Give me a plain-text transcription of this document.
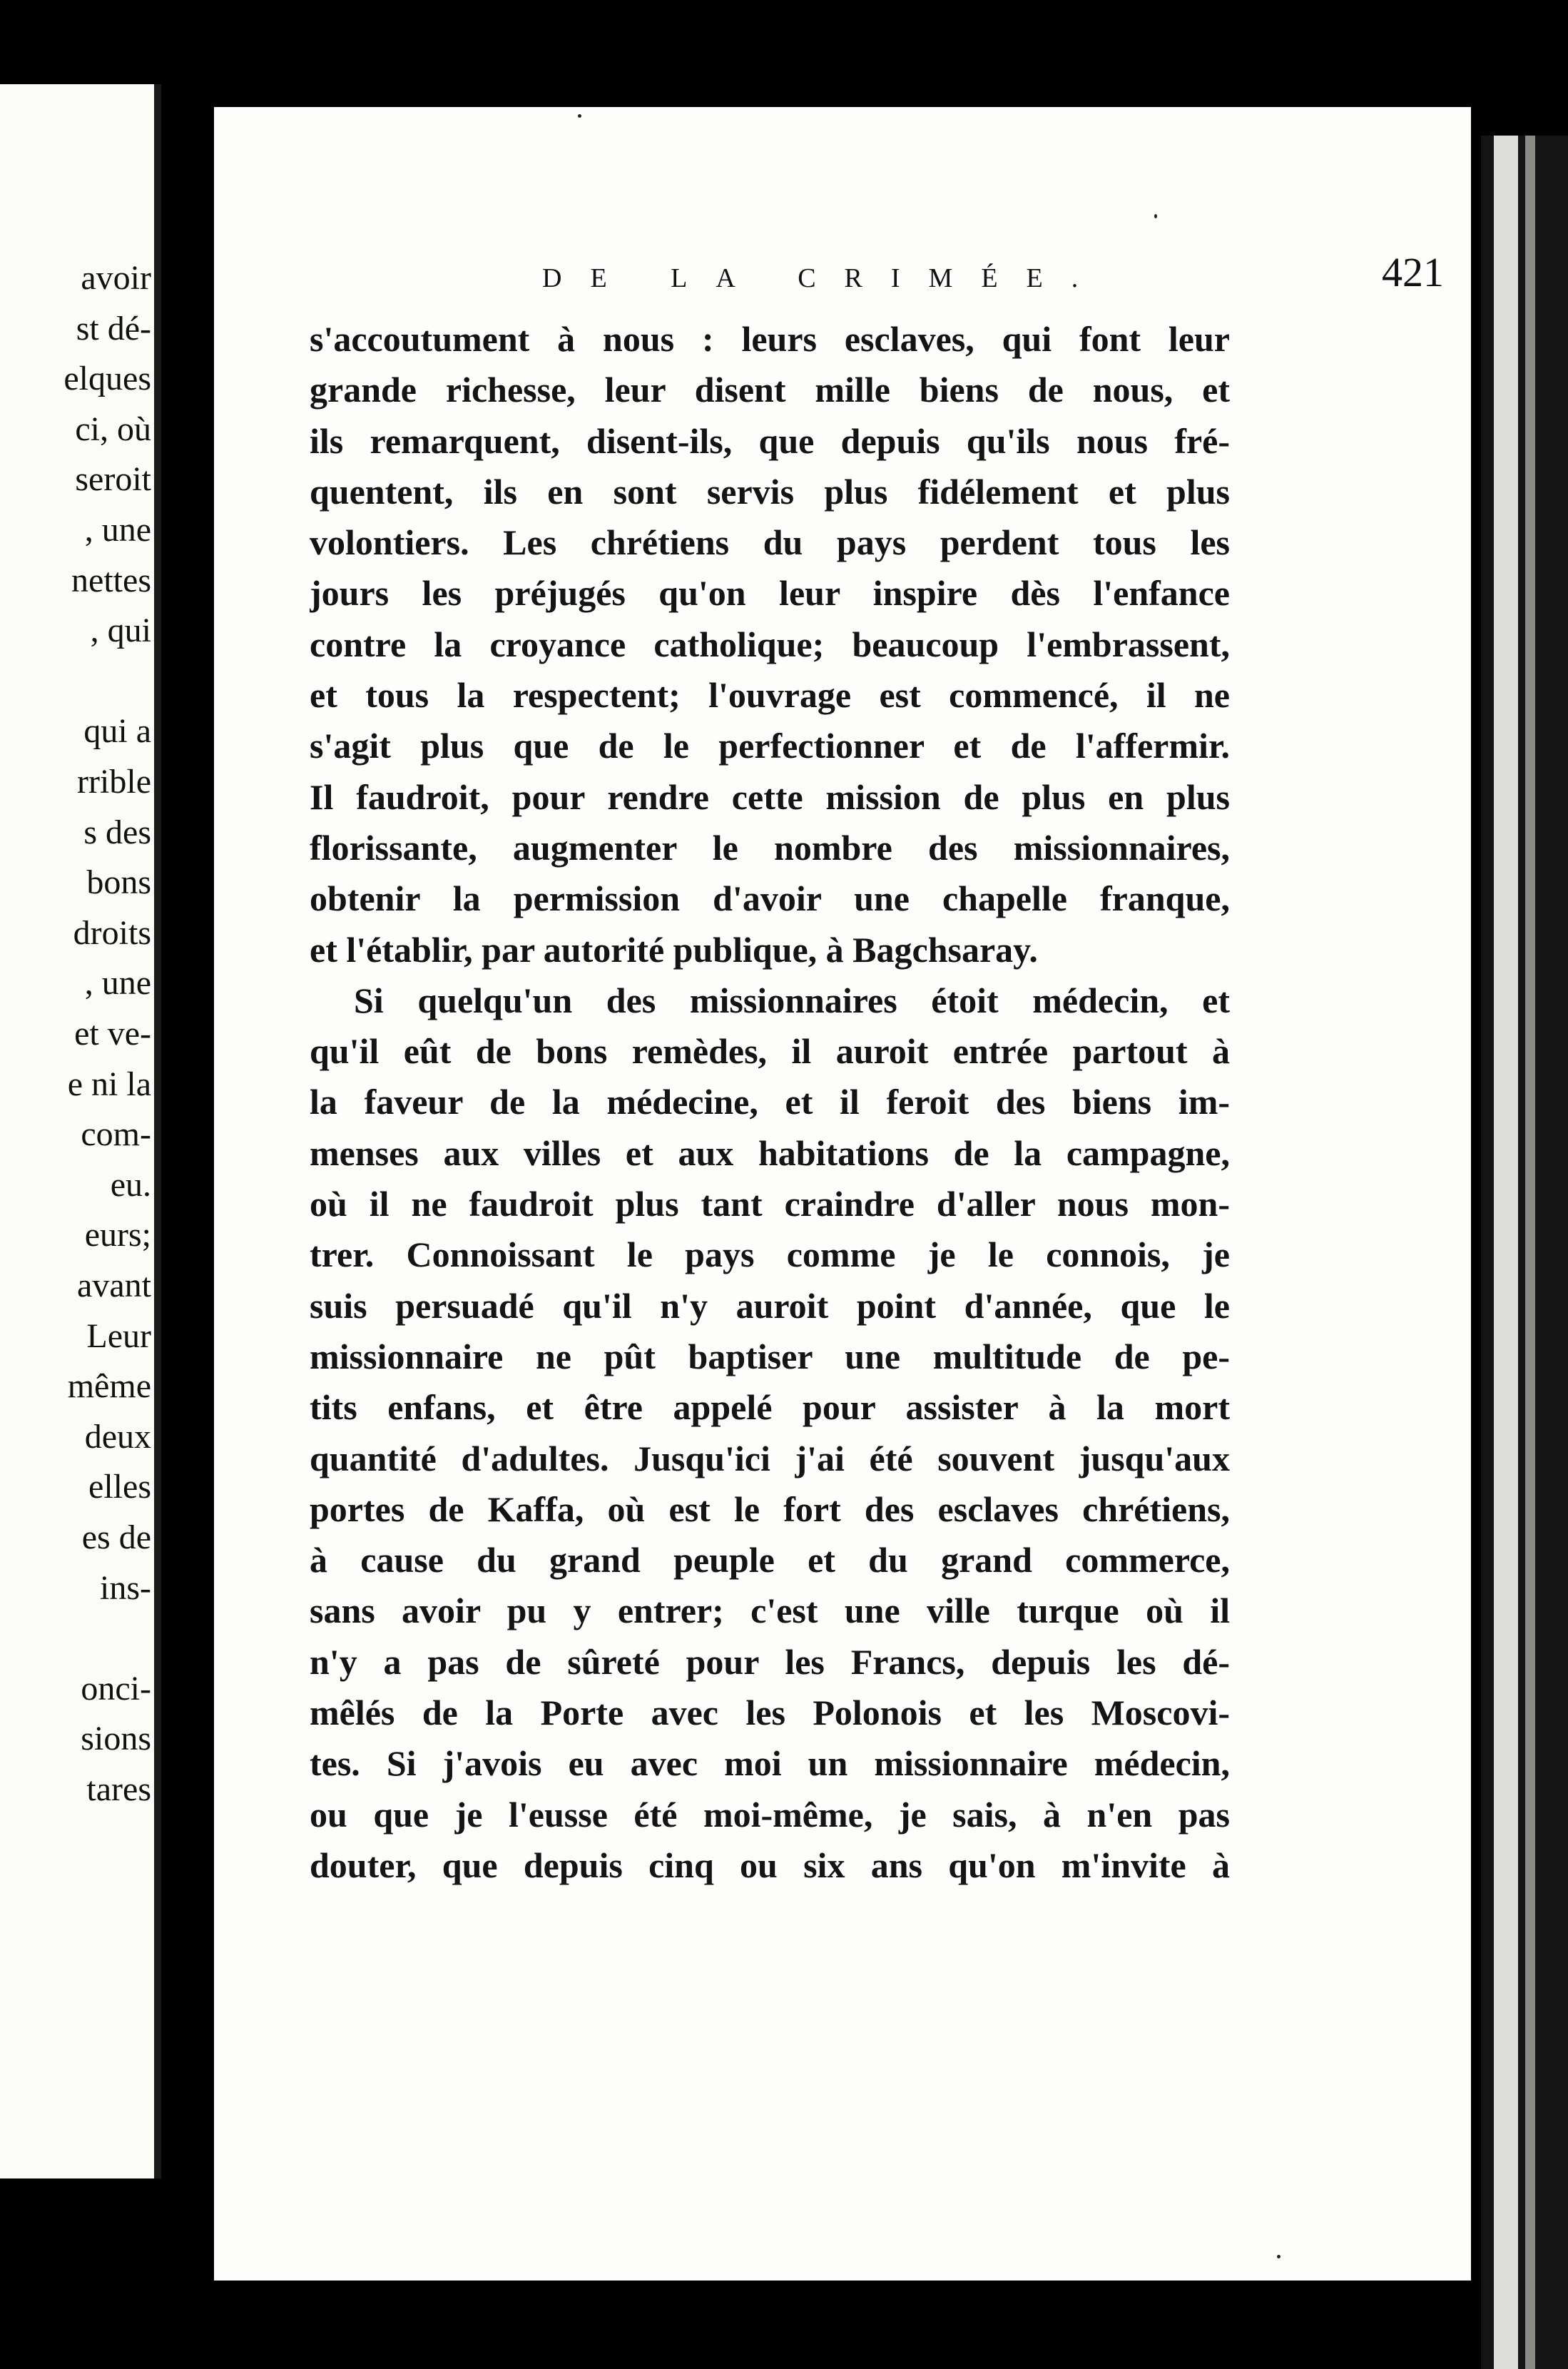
avoir
st dé-
elques
ci, où
seroit
, une
nettes
, qui
qui a
rrible
s des
bons
droits
, une
et ve-
e ni la
com-
eu.
eurs;
avant
Leur
même
deux
elles
es de
ins-
onci-
sions
tares
DE LA CRIMÉE.	421
s'accoutument à nous : leurs esclaves, qui font leur
grande richesse, leur disent mille biens de nous, et
ils remarquent, disent-ils, que depuis qu'ils nous fré-
quentent, ils en sont servis plus fidélement et plus
volontiers. Les chrétiens du pays perdent tous les
jours les préjugés qu'on leur inspire dès l'enfance
contre la croyance catholique; beaucoup l'embrassent,
et tous la respectent; l'ouvrage est commencé, il ne
s'agit plus que de le perfectionner et de l'affermir.
Il faudroit, pour rendre cette mission de plus en plus
florissante, augmenter le nombre des missionnaires,
obtenir la permission d'avoir une chapelle franque,
et l'établir, par autorité publique, à Bagchsaray.
Si quelqu'un des missionnaires étoit médecin, et
qu'il eût de bons remèdes, il auroit entrée partout à
la faveur de la médecine, et il feroit des biens im-
menses aux villes et aux habitations de la campagne,
où il ne faudroit plus tant craindre d'aller nous mon-
trer. Connoissant le pays comme je le connois, je
suis persuadé qu'il n'y auroit point d'année, que le
missionnaire ne pût baptiser une multitude de pe-
tits enfans, et être appelé pour assister à la mort
quantité d'adultes. Jusqu'ici j'ai été souvent jusqu'aux
portes de Kaffa, où est le fort des esclaves chrétiens,
à cause du grand peuple et du grand commerce,
sans avoir pu y entrer; c'est une ville turque où il
n'y a pas de sûreté pour les Francs, depuis les dé-
mêlés de la Porte avec les Polonois et les Moscovi-
tes. Si j'avois eu avec moi un missionnaire médecin,
ou que je l'eusse été moi-même, je sais, à n'en pas
douter, que depuis cinq ou six ans qu'on m'invite à
